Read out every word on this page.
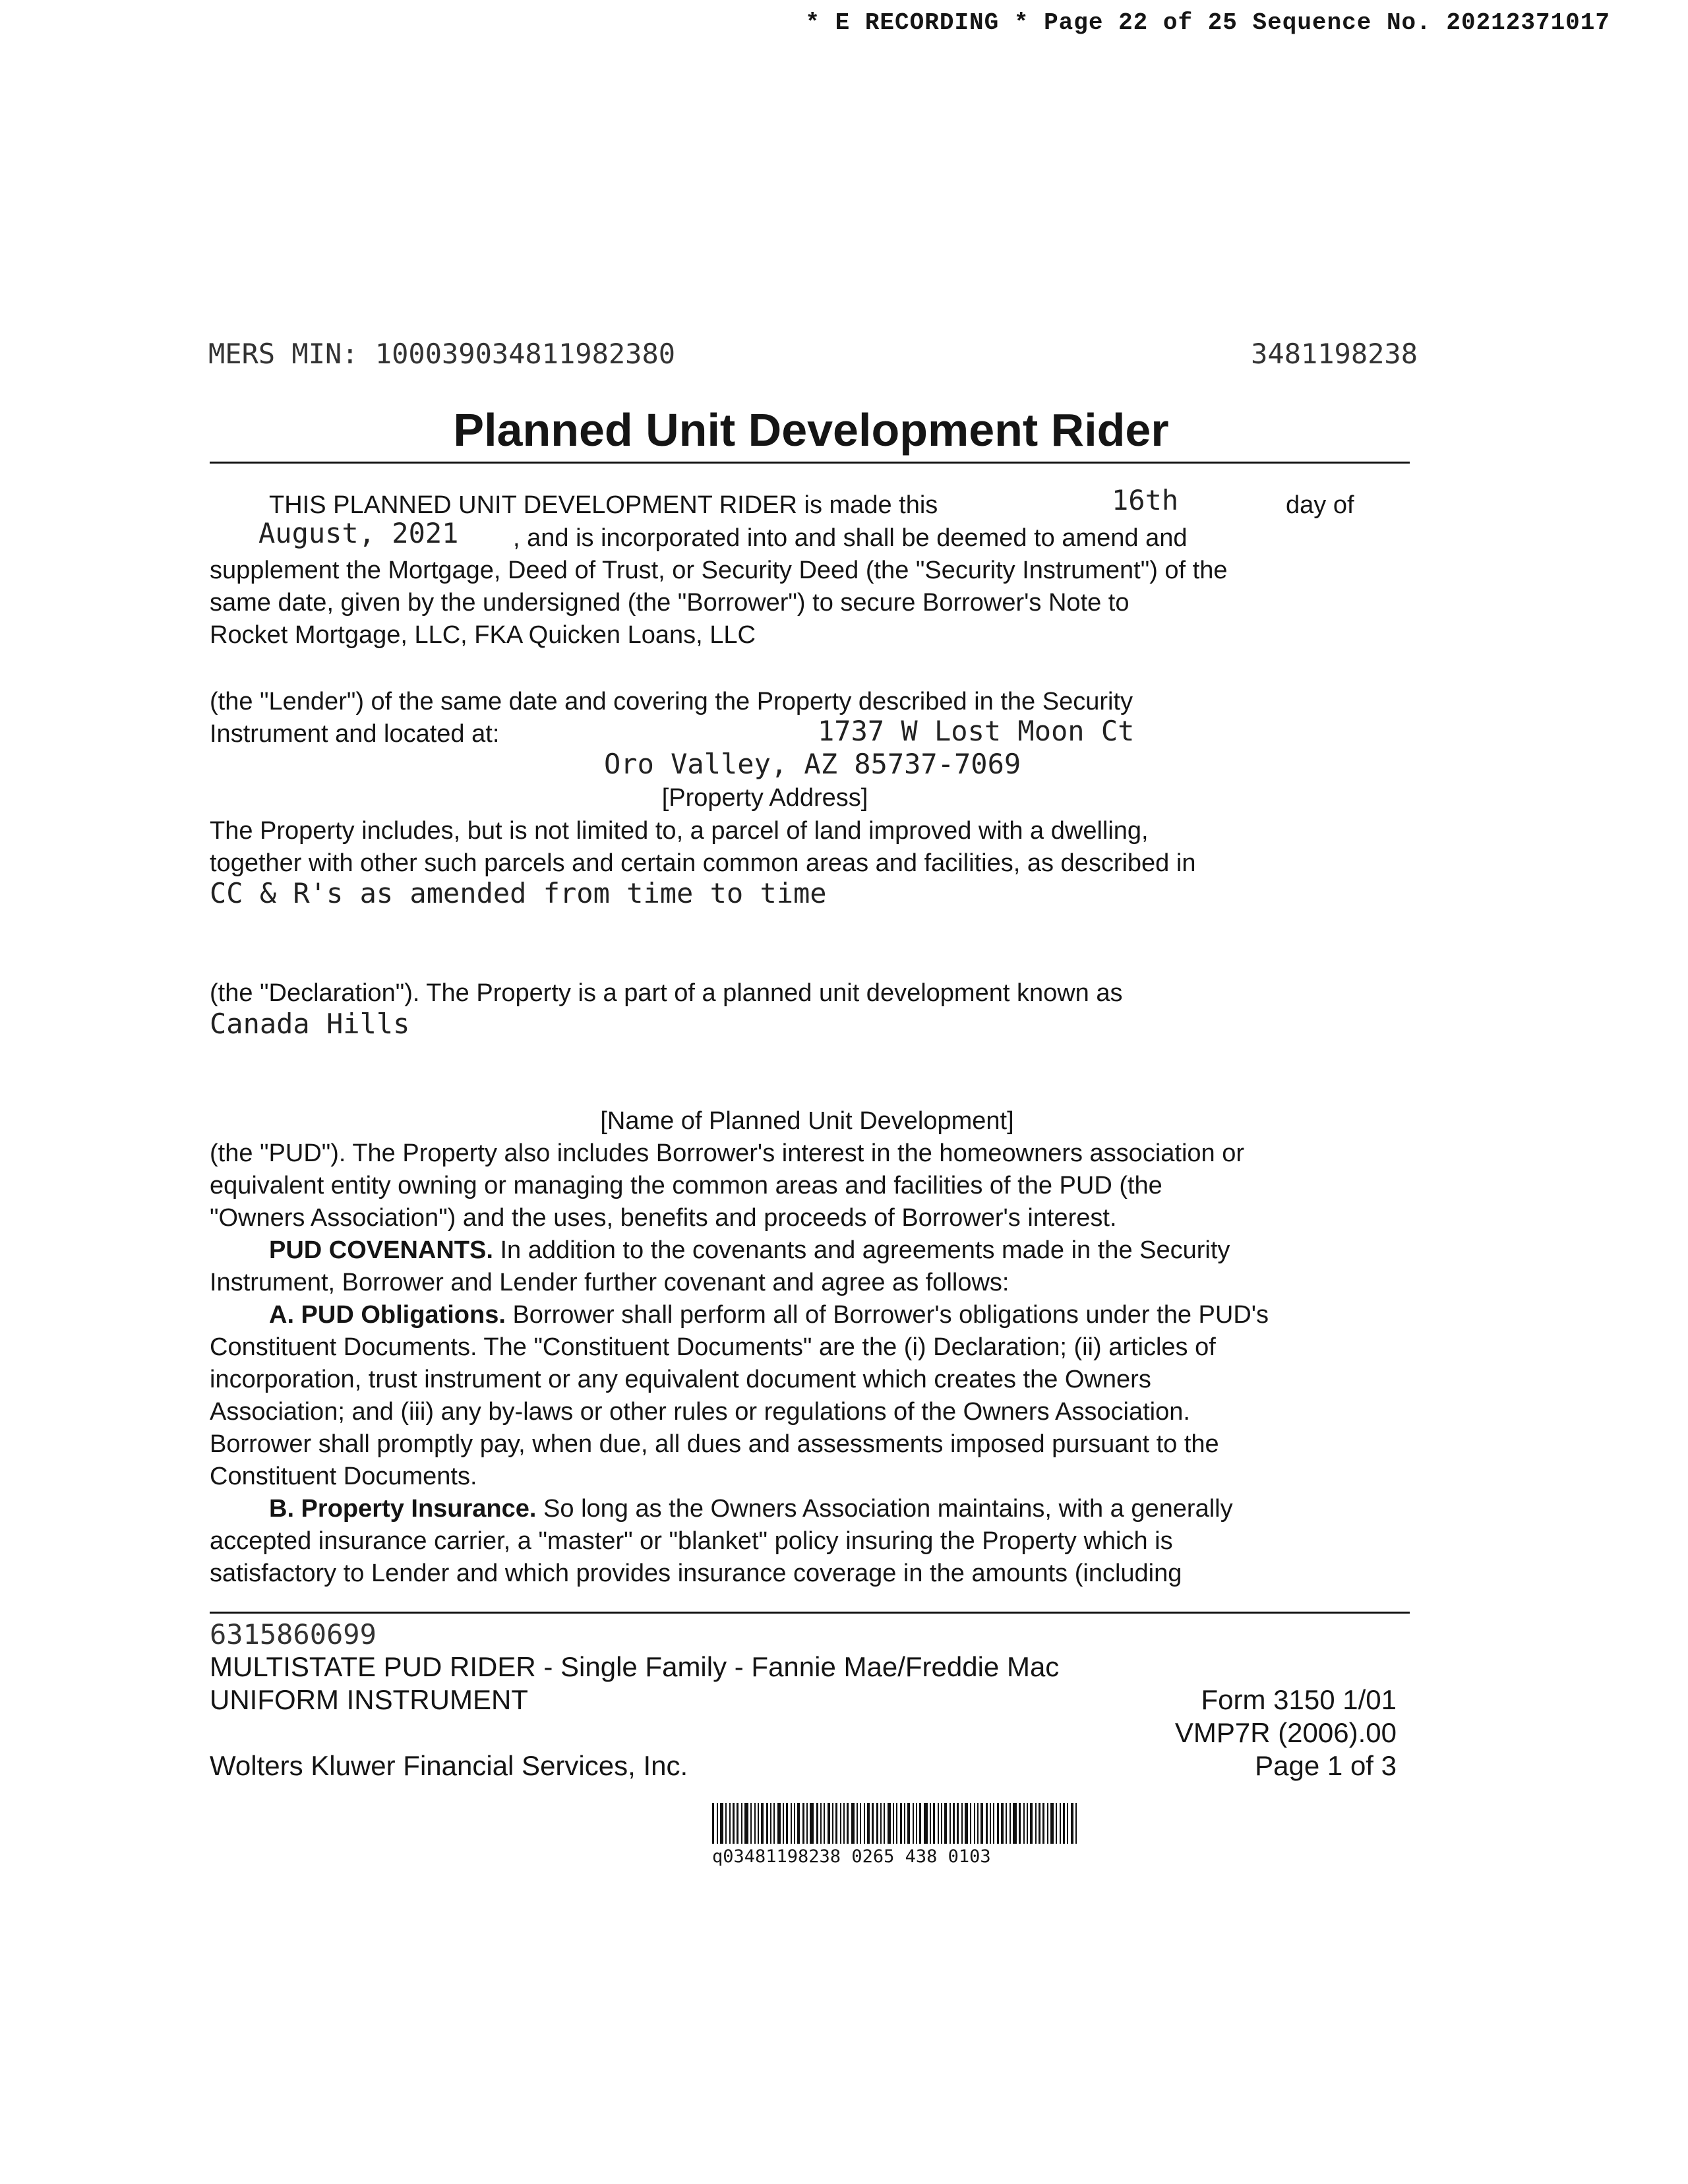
* E RECORDING * Page 22 of 25 Sequence No. 20212371017
MERS MIN: 100039034811982380	3481198238
Planned Unit Development Rider
THIS PLANNED UNIT DEVELOPMENT RIDER is made this	16th	day of
August, 2021 , and is incorporated into and shall be deemed to amend and
supplement the Mortgage, Deed of Trust, or Security Deed (the "Security Instrument") of the
same date, given by the undersigned (the "Borrower") to secure Borrower's Note to
Rocket Mortgage, LLC, FKA Quicken Loans, LLC
(the "Lender") of the same date and covering the Property described in the Security
Instrument and located at:	1737 W Lost Moon Ct
Oro Valley, AZ 85737-7069
[Property Address]
The Property includes, but is not limited to, a parcel of land improved with a dwelling,
together with other such parcels and certain common areas and facilities, as described in
CC & R's as amended from time to time
(the "Declaration"). The Property is a part of a planned unit development known as
Canada Hills
[Name of Planned Unit Development]
(the "PUD"). The Property also includes Borrower's interest in the homeowners association or
equivalent entity owning or managing the common areas and facilities of the PUD (the
"Owners Association") and the uses, benefits and proceeds of Borrower's interest.
PUD COVENANTS. In addition to the covenants and agreements made in the Security
Instrument, Borrower and Lender further covenant and agree as follows:
A. PUD Obligations. Borrower shall perform all of Borrower's obligations under the PUD's
Constituent Documents. The "Constituent Documents" are the (i) Declaration; (ii) articles of
incorporation, trust instrument or any equivalent document which creates the Owners
Association; and (iii) any by-laws or other rules or regulations of the Owners Association.
Borrower shall promptly pay, when due, all dues and assessments imposed pursuant to the
Constituent Documents.
B. Property Insurance. So long as the Owners Association maintains, with a generally
accepted insurance carrier, a "master" or "blanket" policy insuring the Property which is
satisfactory to Lender and which provides insurance coverage in the amounts (including
6315860699
MULTISTATE PUD RIDER - Single Family - Fannie Mae/Freddie Mac
UNIFORM INSTRUMENT	Form 3150 1/01
VMP7R (2006).00
Wolters Kluwer Financial Services, Inc.	Page 1 of 3
q03481198238 0265 438 0103
